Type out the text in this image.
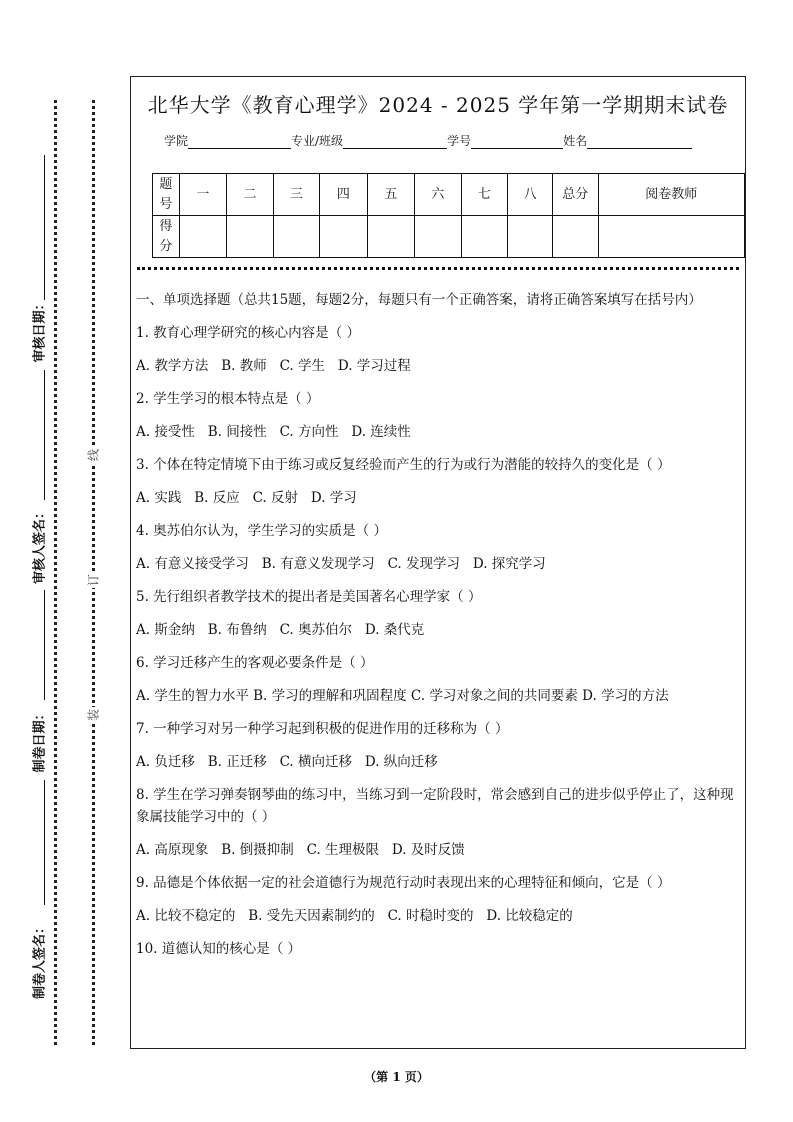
审核日期：
审核人签名：
制卷日期：
制卷人签名：
线
订
装
北华大学《教育心理学》2024 - 2025 学年第一学期期末试卷
学院	专业/班级	学号	姓名
题号	一	二	三	四	五	六	七	八	总分	阅卷教师
得分										

一、单项选择题（总共15题，每题2分，每题只有一个正确答案，请将正确答案填写在括号内）

1. 教育心理学研究的核心内容是（ ）

A. 教学方法   B. 教师   C. 学生   D. 学习过程

2. 学生学习的根本特点是（ ）

A. 接受性   B. 间接性   C. 方向性   D. 连续性

3. 个体在特定情境下由于练习或反复经验而产生的行为或行为潜能的较持久的变化是（ ）

A. 实践   B. 反应   C. 反射   D. 学习

4. 奥苏伯尔认为，学生学习的实质是（ ）

A. 有意义接受学习   B. 有意义发现学习   C. 发现学习   D. 探究学习

5. 先行组织者教学技术的提出者是美国著名心理学家（ ）

A. 斯金纳   B. 布鲁纳   C. 奥苏伯尔   D. 桑代克

6. 学习迁移产生的客观必要条件是（ ）

A. 学生的智力水平 B. 学习的理解和巩固程度 C. 学习对象之间的共同要素 D. 学习的方法

7. 一种学习对另一种学习起到积极的促进作用的迁移称为（ ）

A. 负迁移   B. 正迁移   C. 横向迁移   D. 纵向迁移

8. 学生在学习弹奏钢琴曲的练习中，当练习到一定阶段时，常会感到自己的进步似乎停止了，这种现象属技能学习中的（ ）

A. 高原现象   B. 倒摄抑制   C. 生理极限   D. 及时反馈

9. 品德是个体依据一定的社会道德行为规范行动时表现出来的心理特征和倾向，它是（ ）

A. 比较不稳定的   B. 受先天因素制约的   C. 时稳时变的   D. 比较稳定的

10. 道德认知的核心是（ ）

（第 1 页）
